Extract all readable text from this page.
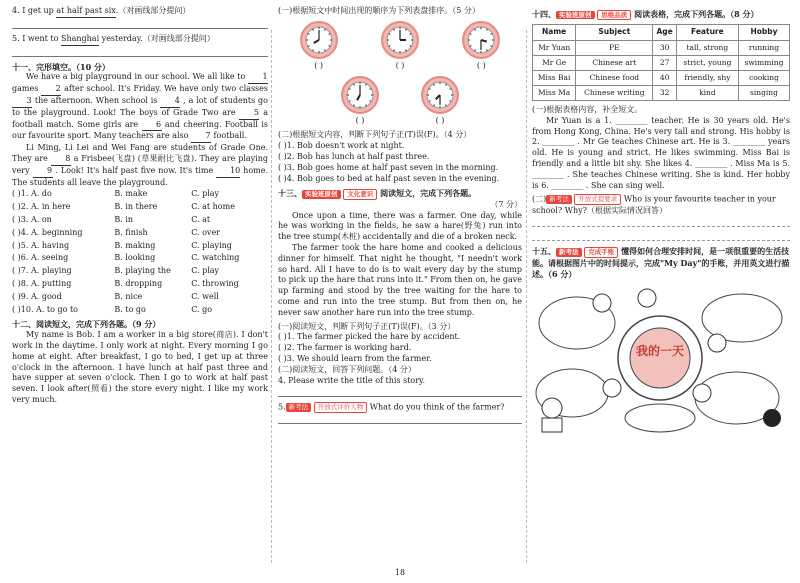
4. I get up at half past six.（对画线部分提问）

5. I went to Shanghai yesterday.（对画线部分提问）

十一、完形填空。（10 分）

We have a big playground in our school. We all like to 1 games 2 after school. It's Friday. We have only two classes 3 the afternoon. When school is 4 , a lot of students go to the playground. Look! The boys of Grade Two are 5 a football match. Some girls are 6 and cheering. Football is our favourite sport. Many teachers are also 7 football.

Li Ming, Li Lei and Wei Fang are students of Grade One. They are 8 a Frisbee(飞盘) (草果耐比飞盘). They are playing very 9 . Look! It's half past five now. It's time 10 home. The students all leave the playground.

( )1. A. do	B. make	C. play
( )2. A. in here	B. in there	C. at home
( )3. A. on	B. in	C. at
( )4. A. beginning	B. finish	C. over
( )5. A. having	B. making	C. playing
( )6. A. seeing	B. looking	C. watching
( )7. A. playing	B. playing the	C. play
( )8. A. putting	B. dropping	C. throwing
( )9. A. good	B. nice	C. well
( )10. A. to go to	B. to go	C. go

十二、阅读短文，完成下列各题。（9 分）

My name is Bob. I am a worker in a big store(商店). I don't work in the daytime. I only work at night. Every morning I go home at eight. After breakfast, I go to bed, I get up at three o'clock in the afternoon. I have lunch at half past three and have supper at seven o'clock. Then I go to work at half past seven. I look after(照看) the store every night. I like my work very much.

(一)根据短文中时间出现的顺序为下列表盘排序。（5 分）

( )	( )	( )
( )	( )

(二)根据短文内容，判断下列句子正(T)误(F)。（4 分）

( )1. Bob doesn't work at night.

( )2. Bob has lunch at half past three.

( )3. Bob goes home at half past seven in the morning.

( )4. Bob goes to bed at half past seven in the evening.

十三、 实验班原创 文化意识 阅读短文，完成下列各题。

（7 分）

Once upon a time, there was a farmer. One day, while he was working in the fields, he saw a hare(野兔) run into the tree stump(木桩) accidentally and die of a broken neck.

The farmer took the hare home and cooked a delicious dinner for himself. That night he thought, "I needn't work so hard. All I have to do is to wait every day by the stump to pick up the hare that runs into it." From then on, he gave up farming and stood by the tree waiting for the hare to come and run into the tree stump. But from then on, he never saw another hare run into the tree stump.

(一)阅读短文，判断下列句子正(T)误(F)。（3 分）

( )1. The farmer picked the hare by accident.

( )2. The farmer is working hard.

( )3. We should learn from the farmer.

(二)阅读短文，回答下列问题。（4 分）

4. Please write the title of this story.

5. 新考法 开放式评价人物 What do you think of the farmer?

十四、 实验班原创 思维品质 阅读表格，完成下列各题。（8 分）

Name	Subject	Age	Feature	Hobby
Mr Yuan	PE	30	tall, strong	running
Mr Ge	Chinese art	27	strict, young	swimming
Miss Bai	Chinese food	40	friendly, shy	cooking
Miss Ma	Chinese writing	32	kind	singing

(一)根据表格内容，补全短文。

Mr Yuan is a 1. ________ teacher. He is 30 years old. He's from Hong Kong, China. He's very tall and strong. His hobby is 2. ________ . Mr Ge teaches Chinese art. He is 3. ________ years old. He is young and strict. He likes swimming. Miss Bai is friendly and a little bit shy. She likes 4. ________ . Miss Ma is 5. ________ . She teaches Chinese writing. She is kind. Her hobby is 6. ________ . She can sing well.

(二) 新考法 开放式提要求 Who is your favourite teacher in your school? Why?（根据实际情况回答）

十五、 新考法 完成手账 懂得如何合理安排时间，是一项很重要的生活技能。请根据图片中的时间提示，完成"My Day"的手账，并用英文进行描述。（6 分）

我的一天
18
